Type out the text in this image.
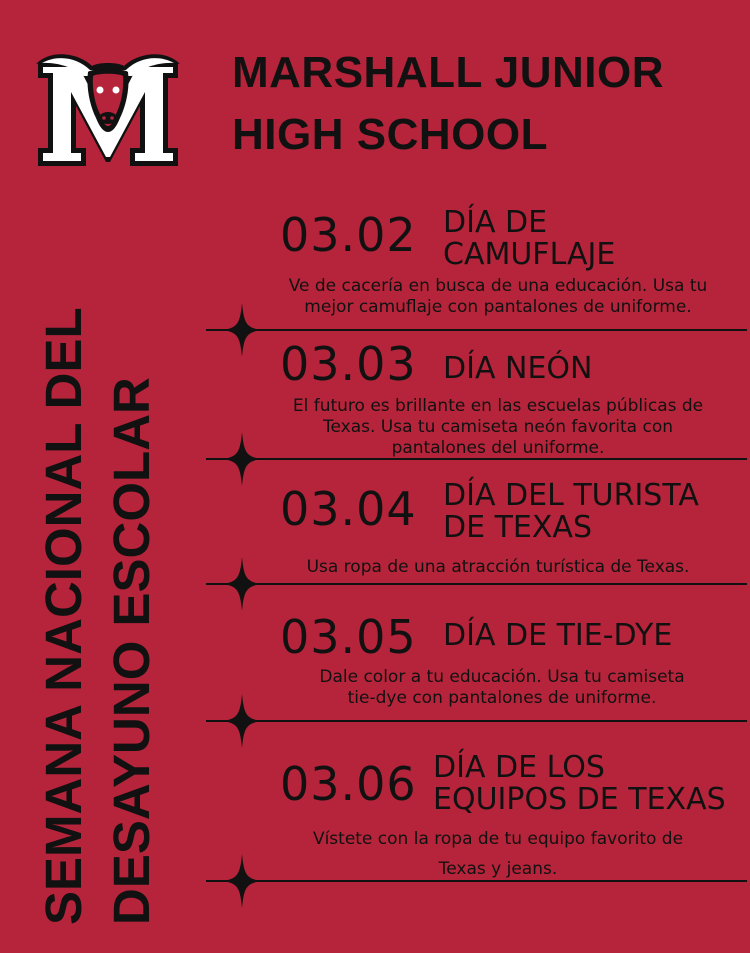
MARSHALL JUNIOR
HIGH SCHOOL
SEMANA NACIONAL DEL DESAYUNO ESCOLAR
03.02 DÍA DE
CAMUFLAJE
Ve de cacería en busca de una educación. Usa tu
mejor camuflaje con pantalones de uniforme.
03.03 DÍA NEÓN
El futuro es brillante en las escuelas públicas de
Texas. Usa tu camiseta neón favorita con
pantalones del uniforme.
03.04 DÍA DEL TURISTA
DE TEXAS
Usa ropa de una atracción turística de Texas.
03.05 DÍA DE TIE-DYE
Dale color a tu educación. Usa tu camiseta
tie-dye con pantalones de uniforme.
03.06 DÍA DE LOS
EQUIPOS DE TEXAS
Vístete con la ropa de tu equipo favorito de
Texas y jeans.
